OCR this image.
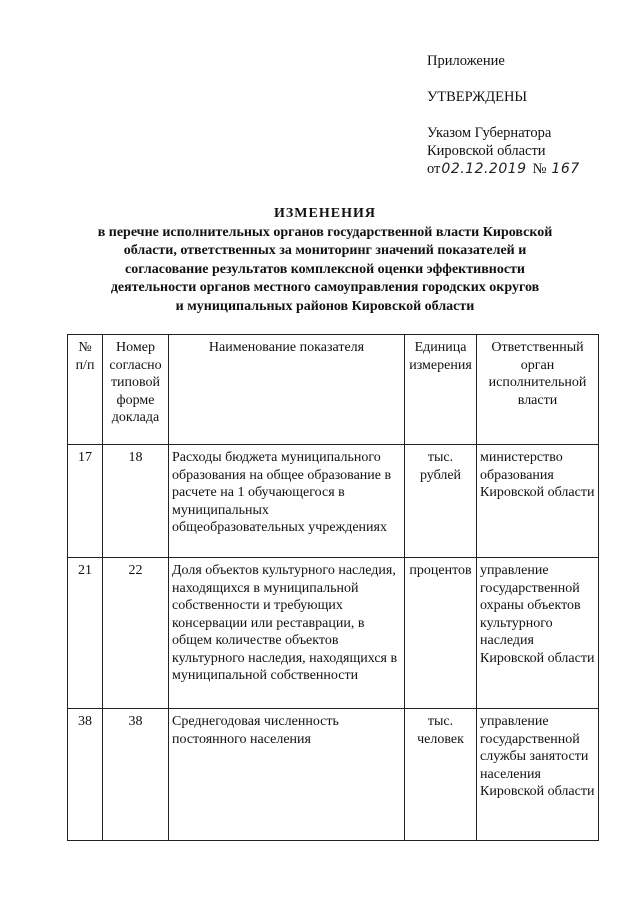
Приложение
УТВЕРЖДЕНЫ
Указом Губернатора
Кировской области
от02.12.2019 № 167
ИЗМЕНЕНИЯ
в перечне исполнительных органов государственной власти Кировской
области, ответственных за мониторинг значений показателей и
согласование результатов комплексной оценки эффективности
деятельности органов местного самоуправления городских округов
и муниципальных районов Кировской области
№ п/п	Номер согласно типовой форме доклада	Наименование показателя	Единица измерения	Ответственный орган исполнительной власти
17	18	Расходы бюджета муниципального образования на общее образование в расчете на 1 обучающегося в муниципальных общеобразовательных учреждениях	тыс. рублей	министерство образования Кировской области
21	22	Доля объектов культурного наследия, находящихся в муниципальной собственности и требующих консервации или реставрации, в общем количестве объектов культурного наследия, находящихся в муниципальной собственности	процентов	управление государственной охраны объектов культурного наследия Кировской области
38	38	Среднегодовая численность постоянного населения	тыс. человек	управление государственной службы занятости населения Кировской области
